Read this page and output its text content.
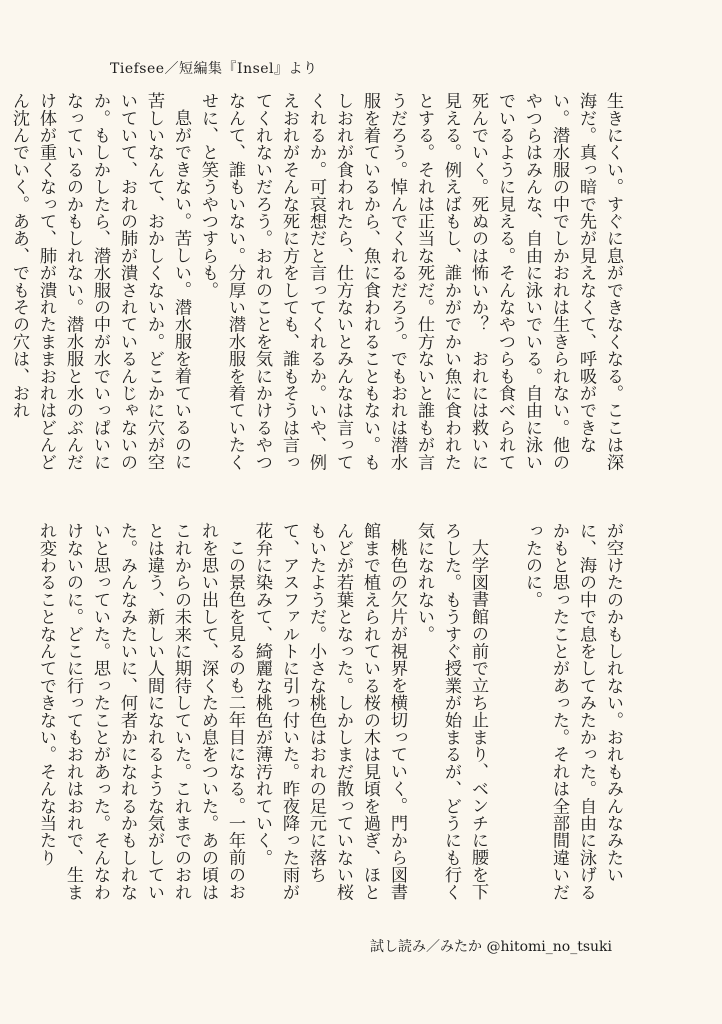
Tiefsee／短編集『Insel』より

生きにくい。すぐに息ができなくなる。ここは深海だ。真っ暗で先が見えなくて、呼吸ができない。潜水服の中でしかおれは生きられない。他のやつらはみんな、自由に泳いでいる。自由に泳いでいるように見える。そんなやつらも食べられて死んでいく。死ぬのは怖いか？　おれには救いに見える。例えばもし、誰かがでかい魚に食われたとする。それは正当な死だ。仕方ないと誰もが言うだろう。悼んでくれるだろう。でもおれは潜水服を着ているから、魚に食われることもない。もしおれが食われたら、仕方ないとみんなは言ってくれるか。可哀想だと言ってくれるか。いや、例えおれがそんな死に方をしても、誰もそうは言ってくれないだろう。おれのことを気にかけるやつなんて、誰もいない。分厚い潜水服を着ていたくせに、と笑うやつすらも。

息ができない。苦しい。潜水服を着ているのに苦しいなんて、おかしくないか。どこかに穴が空いていて、おれの肺が潰されているんじゃないのか。もしかしたら、潜水服の中が水でいっぱいになっているのかもしれない。潜水服と水のぶんだけ体が重くなって、肺が潰れたままおれはどんどん沈んでいく。ああ、でもその穴は、おれ

が空けたのかもしれない。おれもみんなみたいに、海の中で息をしてみたかった。自由に泳げるかもと思ったことがあった。それは全部間違いだったのに。

大学図書館の前で立ち止まり、ベンチに腰を下ろした。もうすぐ授業が始まるが、どうにも行く気になれない。

桃色の欠片が視界を横切っていく。門から図書館まで植えられている桜の木は見頃を過ぎ、ほとんどが若葉となった。しかしまだ散っていない桜もいたようだ。小さな桃色はおれの足元に落ちて、アスファルトに引っ付いた。昨夜降った雨が花弁に染みて、綺麗な桃色が薄汚れていく。

この景色を見るのも二年目になる。一年前のおれを思い出して、深くため息をついた。あの頃はこれからの未来に期待していた。これまでのおれとは違う、新しい人間になれるような気がしていた。みんなみたいに、何者かになれるかもしれないと思っていた。思ったことがあった。そんなわけないのに。どこに行ってもおれはおれで、生まれ変わることなんてできない。そんな当たり

試し読み／みたか @hitomi_no_tsuki
